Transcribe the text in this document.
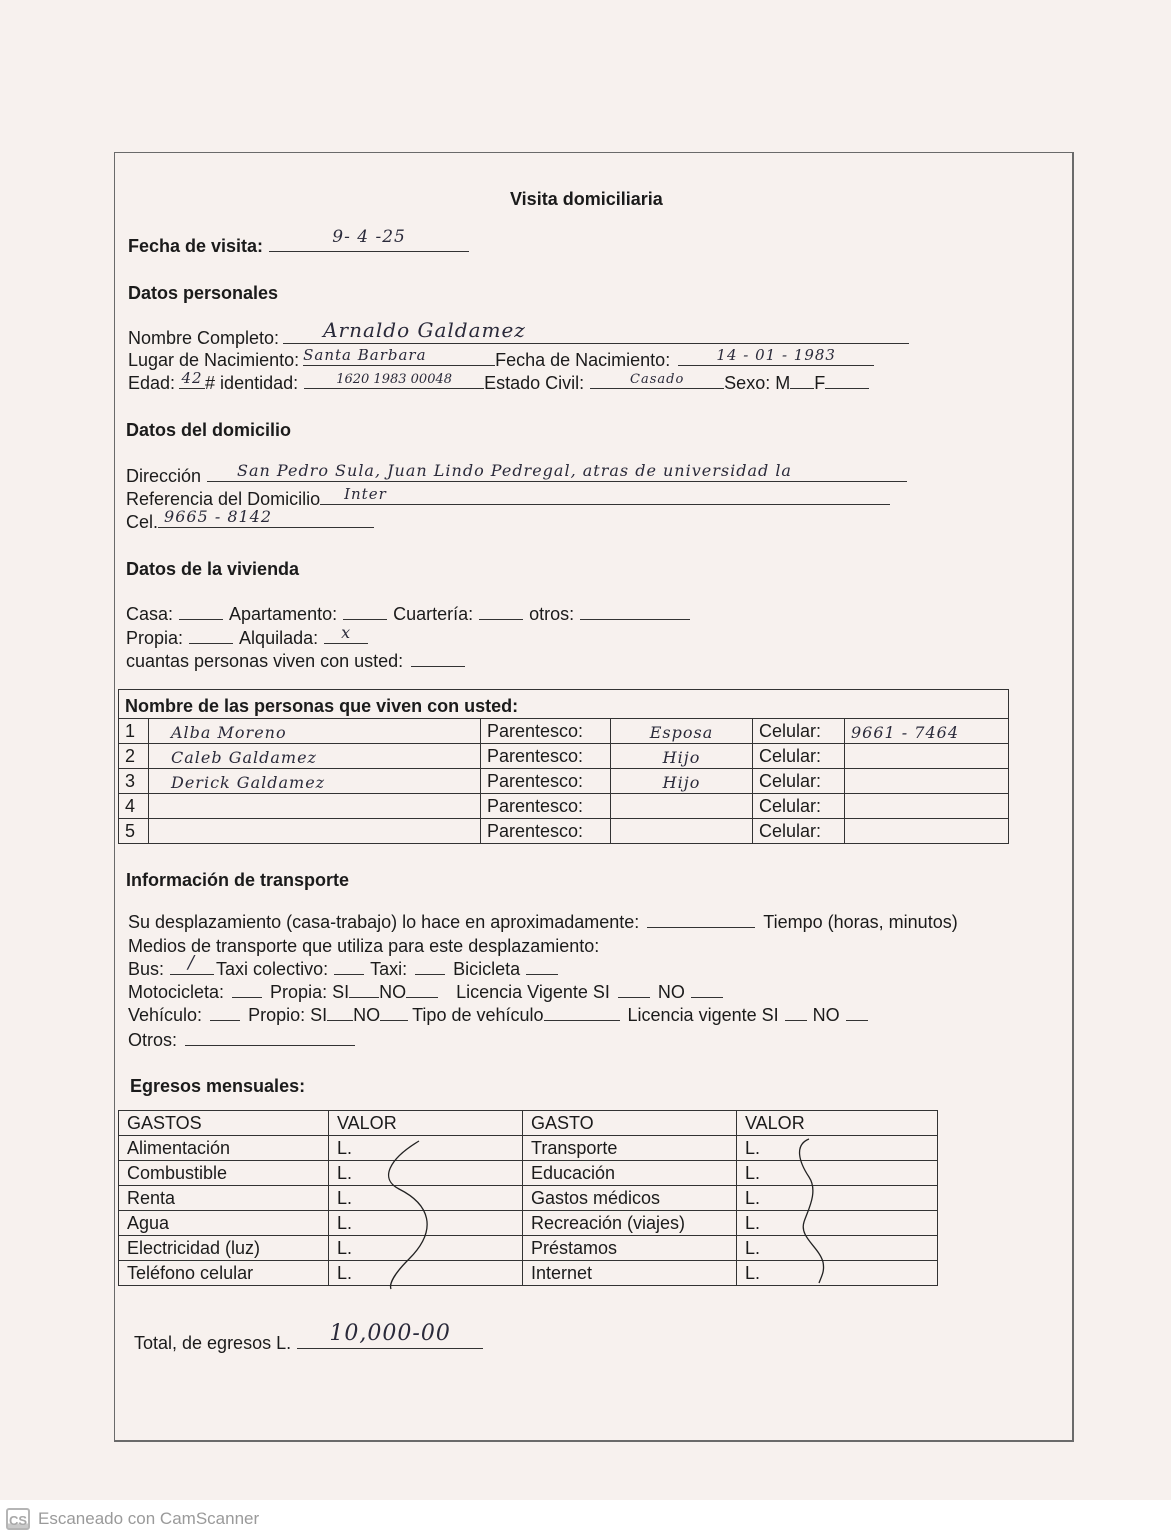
Visita domiciliaria
Fecha de visita:	9- 4 -25
Datos personales
Nombre Completo: Arnaldo Galdamez
Lugar de Nacimiento: Santa Barbara	Fecha de Nacimiento:	14 - 01 - 1983
Edad: 42 # identidad:	1620 1983 00048	Estado Civil:	Casado	Sexo: M F
Datos del domicilio
Dirección San Pedro Sula, Juan Lindo Pedregal, atras de universidad la
Referencia del Domicilio Inter
Cel. 9665 - 8142
Datos de la vivienda
Casa:	Apartamento:	Cuartería:	otros:
Propia:	Alquilada:	x
cuantas personas viven con usted:
Nombre de las personas que viven con usted:
1	Alba Moreno	Parentesco:	Esposa	Celular: 9661 - 7464
2	Caleb Galdamez	Parentesco:	Hijo	Celular:
3	Derick Galdamez	Parentesco:	Hijo	Celular:
4	Parentesco:	Celular:
5	Parentesco:	Celular:
Información de transporte
Su desplazamiento (casa-trabajo) lo hace en aproximadamente:	Tiempo (horas, minutos)
Medios de transporte que utiliza para este desplazamiento:
Bus: /	Taxi colectivo: Taxi:	Bicicleta
Motocicleta:	Propia: SI NO	Licencia Vigente SI	NO
Vehículo:	Propio: SI NO Tipo de vehículo	Licencia vigente SI NO
Otros:
Egresos mensuales:
GASTOS	VALOR	GASTO	VALOR
Alimentación	L.	Transporte	L.
Combustible	L.	Educación	L.
Renta	L.	Gastos médicos	L.
Agua	L.	Recreación (viajes)	L.
Electricidad (luz)	L.	Préstamos	L.
Teléfono celular	L.	Internet	L.
Total, de egresos L.	10,000-00
CS Escaneado con CamScanner
